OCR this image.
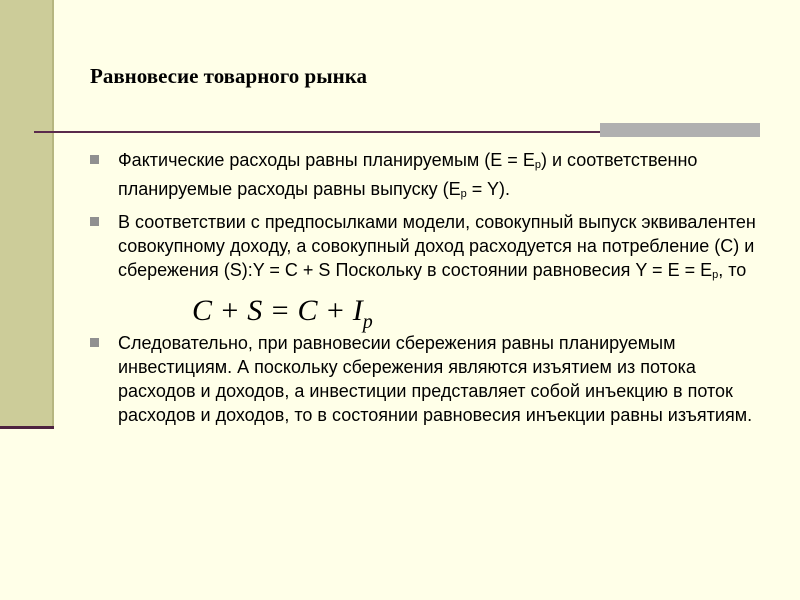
Равновесие товарного рынка
Фактические расходы равны планируемым (E = Ep) и соответственно планируемые расходы равны выпуску (Ep = Y).
В соответствии с предпосылками модели, совокупный выпуск эквивалентен совокупному доходу, а совокупный доход расходуется на потребление (C) и сбережения (S):Y = C + S Поскольку в состоянии равновесия Y = E = Ep, то
$C + S = C + I_p$
Следовательно, при равновесии сбережения равны планируемым инвестициям. А поскольку сбережения являются изъятием из потока расходов и доходов, а инвестиции представляет собой инъекцию в поток расходов и доходов, то в состоянии равновесия инъекции равны изъятиям.
